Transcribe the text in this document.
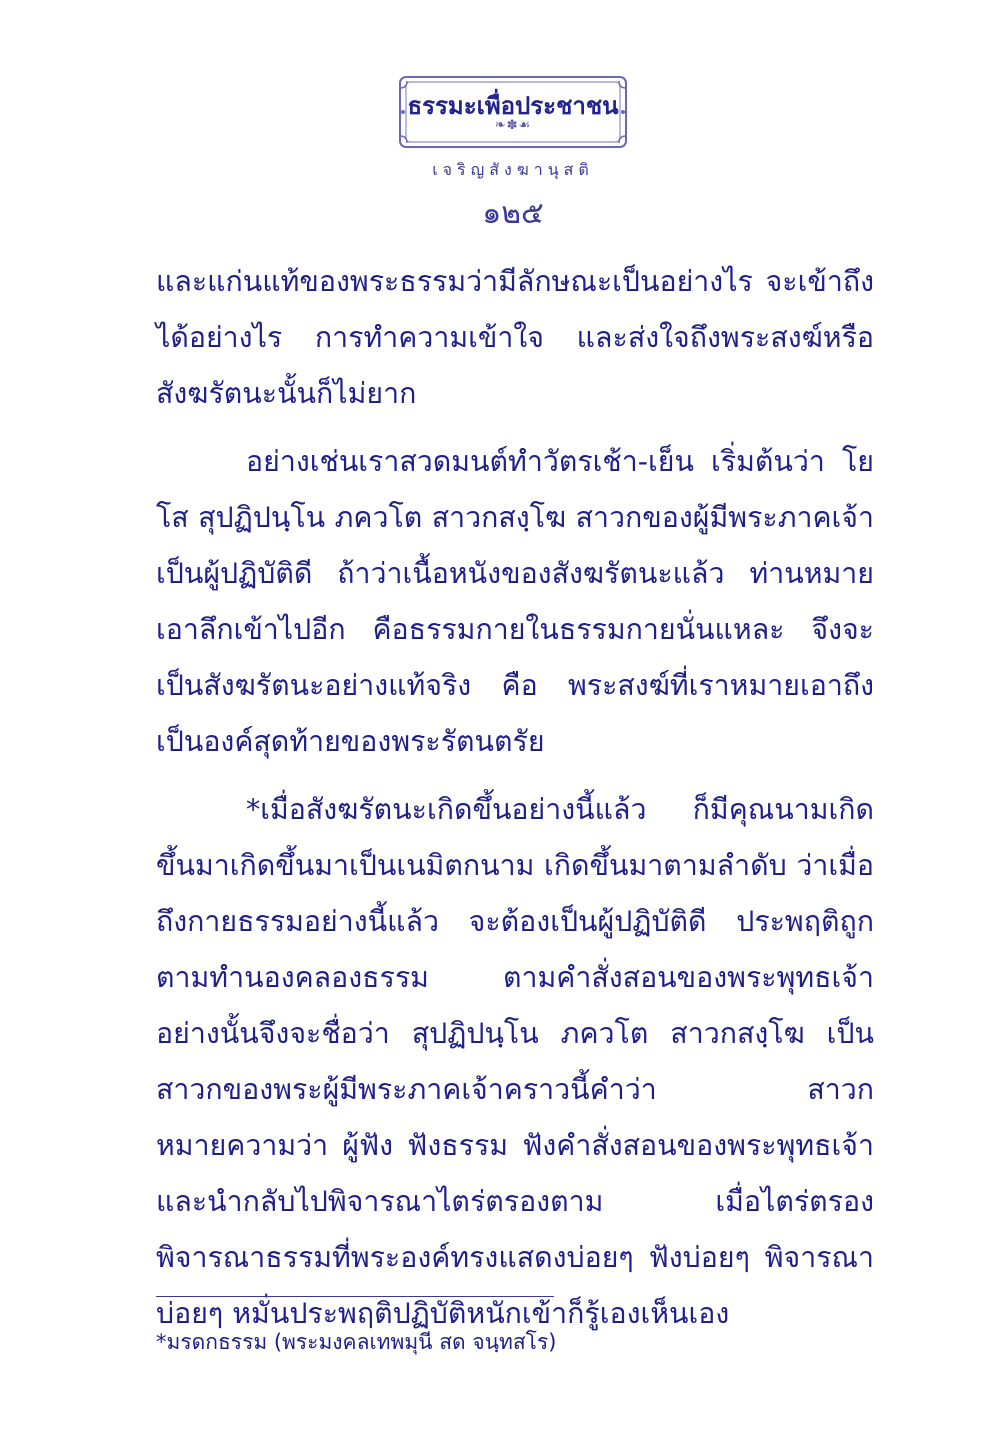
ธรรมะเพื่อประชาชน
❧✽☙
เจริญสังฆานุสติ
๑๒๕

และแก่นแท้ของพระธรรมว่ามีลักษณะเป็นอย่างไร จะเข้าถึงได้อย่างไร การทำความเข้าใจ และส่งใจถึงพระสงฆ์หรือสังฆรัตนะนั้นก็ไม่ยาก

อย่างเช่นเราสวดมนต์ทำวัตรเช้า-เย็น เริ่มต้นว่า โย โส สุปฏิปนฺโน ภควโต สาวกสงฺโฆ สาวกของผู้มีพระภาคเจ้าเป็นผู้ปฏิบัติดี ถ้าว่าเนื้อหนังของสังฆรัตนะแล้ว ท่านหมายเอาลึกเข้าไปอีก คือธรรมกายในธรรมกายนั่นแหละ จึงจะเป็นสังฆรัตนะอย่างแท้จริง คือ พระสงฆ์ที่เราหมายเอาถึงเป็นองค์สุดท้ายของพระรัตนตรัย

*เมื่อสังฆรัตนะเกิดขึ้นอย่างนี้แล้ว ก็มีคุณนามเกิดขึ้นมาเกิดขึ้นมาเป็นเนมิตกนาม เกิดขึ้นมาตามลำดับ ว่าเมื่อถึงกายธรรมอย่างนี้แล้ว จะต้องเป็นผู้ปฏิบัติดี ประพฤติถูกตามทำนองคลองธรรม ตามคำสั่งสอนของพระพุทธเจ้า อย่างนั้นจึงจะชื่อว่า สุปฏิปนฺโน ภควโต สาวกสงฺโฆ เป็นสาวกของพระผู้มีพระภาคเจ้าคราวนี้คำว่า สาวก หมายความว่า ผู้ฟัง ฟังธรรม ฟังคำสั่งสอนของพระพุทธเจ้า และนำกลับไปพิจารณาไตร่ตรองตาม เมื่อไตร่ตรองพิจารณาธรรมที่พระองค์ทรงแสดงบ่อยๆ ฟังบ่อยๆ พิจารณาบ่อยๆ หมั่นประพฤติปฏิบัติหนักเข้าก็รู้เองเห็นเอง

*มรดกธรรม (พระมงคลเทพมุนี สด จนฺทสโร)
